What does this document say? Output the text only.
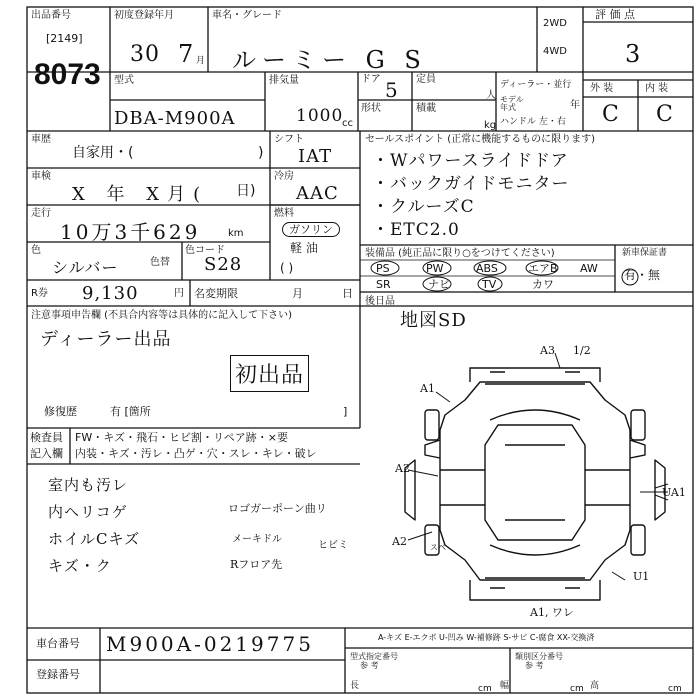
出品番号
[2149]
8073
初度登録年月
30 7 月
車名・グレード
ルーミー G S
2WD
4WD
評 価 点
3
外 装	内 装
C C
型式
DBA-M900A
排気量
1000
cc
ドア 5 定員
人
形状	積載
kg
ディーラー・並行
モデル 年式	年
ハンドル 左・右
車歴
自家用・(	)
シフト
IAT
車検
X 年 X月( 日)
冷房
AAC
走行
10万3千629	km
燃料
ガソリン
軽 油
( )
色
シルバー	色替
色コード
S28
R券 9,130	円 名変期限	月	日
セールスポイント (正常に機能するものに限ります)
・Wパワースライドドア
・バックガイドモニター
・クルーズC
・ETC2.0
装備品 (純正品に限り○をつけてください)	新車保証書
PS	PW	ABS	エアB AW
SR	ナビ	TV	カワ
有・無
後日品
地図SD
注意事項申告欄 (不具合内容等は具体的に記入して下さい)
ディーラー出品
初出品
修復歴	有 [箇所	]
検査員
記入欄
FW・キズ・飛石・ヒビ割・リペア跡・×要
内装・キズ・汚レ・凸ゲ・穴・スレ・キレ・破レ
室内も汚レ
内ヘリコゲ
ホイルCキズ
キズ・ク
ロゴガーポーン曲リ
メーキドル
ヒビミ
Rフロア先
A3 1/2
A1
A2
A2
UA1
U1
A1, ワレ
スペ
車台番号 M900A-0219775
登録番号
A-キズ E-エクボ U-凹み W-補修跡 S-サビ C-腐食 XX-交換済
型式指定番号
参 考
類別区分番号
参 考
長	cm 幅	cm 高	cm
